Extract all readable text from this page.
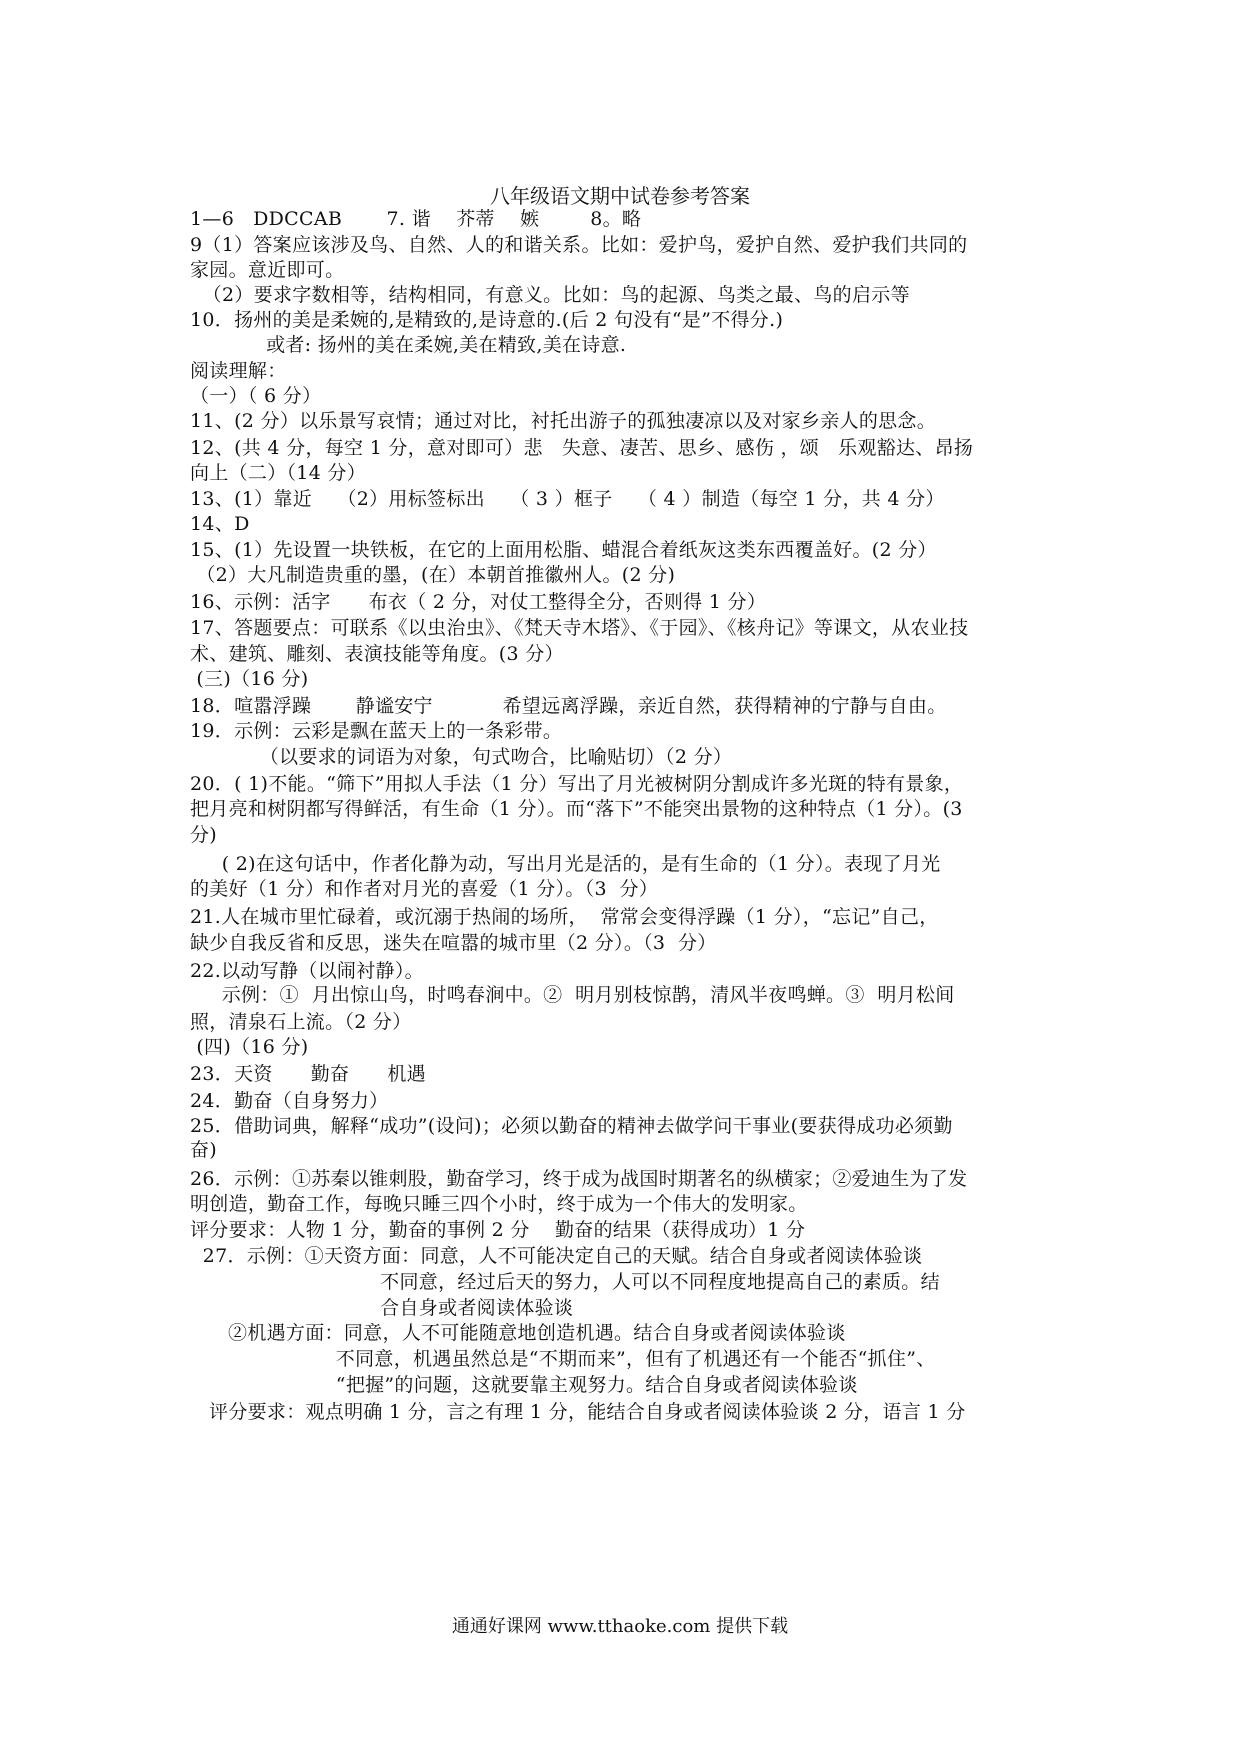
八年级语文期中试卷参考答案
1—6   DDCCAB       7. 谐    芥蒂    嫉        8。略
9（1）答案应该涉及鸟、自然、人的和谐关系。比如：爱护鸟，爱护自然、爱护我们共同的
家园。意近即可。
（2）要求字数相等，结构相同，有意义。比如：鸟的起源、鸟类之最、鸟的启示等
10．扬州的美是柔婉的,是精致的,是诗意的.(后 2 句没有“是”不得分.)
或者: 扬州的美在柔婉,美在精致,美在诗意.
阅读理解：
（一）（ 6 分）
11、(2 分）以乐景写哀情；通过对比，衬托出游子的孤独凄凉以及对家乡亲人的思念。
12、(共 4 分，每空 1 分，意对即可）悲   失意、凄苦、思乡、感伤 ，颂   乐观豁达、昂扬
向上（二）（14 分）
13、(1）靠近    （2）用标签标出    （ 3 ）框子    （ 4 ）制造（每空 1 分，共 4 分）
14、D
15、(1）先设置一块铁板，在它的上面用松脂、蜡混合着纸灰这类东西覆盖好。(2 分）
（2）大凡制造贵重的墨，(在）本朝首推徽州人。(2 分)
16、示例：活字      布衣（ 2 分，对仗工整得全分，否则得 1 分）
17、答题要点：可联系《以虫治虫》、《梵天寺木塔》、《于园》、《核舟记》等课文，从农业技
术、建筑、雕刻、表演技能等角度。(3 分）
(三)（16 分)
18．喧嚣浮躁       静谧安宁           希望远离浮躁，亲近自然，获得精神的宁静与自由。
19．示例：云彩是飘在蓝天上的一条彩带。
（以要求的词语为对象，句式吻合，比喻贴切）（2 分）
20．( 1)不能。“筛下”用拟人手法（1 分）写出了月光被树阴分割成许多光斑的特有景象，
把月亮和树阴都写得鲜活，有生命（1 分）。而“落下”不能突出景物的这种特点（1 分）。(3
分)
( 2)在这句话中，作者化静为动，写出月光是活的，是有生命的（1 分）。表现了月光
的美好（1 分）和作者对月光的喜爱（1 分）。（3  分）
21.人在城市里忙碌着，或沉溺于热闹的场所，  常常会变得浮躁（1 分），“忘记”自己，
缺少自我反省和反思，迷失在喧嚣的城市里（2 分）。（3  分）
22.以动写静（以闹衬静）。
示例：①  月出惊山鸟，时鸣春涧中。②  明月别枝惊鹊，清风半夜鸣蝉。③  明月松间
照，清泉石上流。（2 分）
(四)（16 分)
23．天资      勤奋      机遇
24．勤奋（自身努力）
25．借助词典，解释“成功”(设问)；必须以勤奋的精神去做学问干事业(要获得成功必须勤
奋)
26．示例：①苏秦以锥刺股，勤奋学习，终于成为战国时期著名的纵横家；②爱迪生为了发
明创造，勤奋工作，每晚只睡三四个小时，终于成为一个伟大的发明家。
评分要求：人物 1 分，勤奋的事例 2 分    勤奋的结果（获得成功）1 分
27．示例：①天资方面：同意，人不可能决定自己的天赋。结合自身或者阅读体验谈
不同意，经过后天的努力，人可以不同程度地提高自己的素质。结
合自身或者阅读体验谈
②机遇方面：同意，人不可能随意地创造机遇。结合自身或者阅读体验谈
不同意，机遇虽然总是“不期而来”，但有了机遇还有一个能否“抓住”、
“把握”的问题，这就要靠主观努力。结合自身或者阅读体验谈
评分要求：观点明确 1 分，言之有理 1 分，能结合自身或者阅读体验谈 2 分，语言 1 分
通通好课网 www.tthaoke.com 提供下载
